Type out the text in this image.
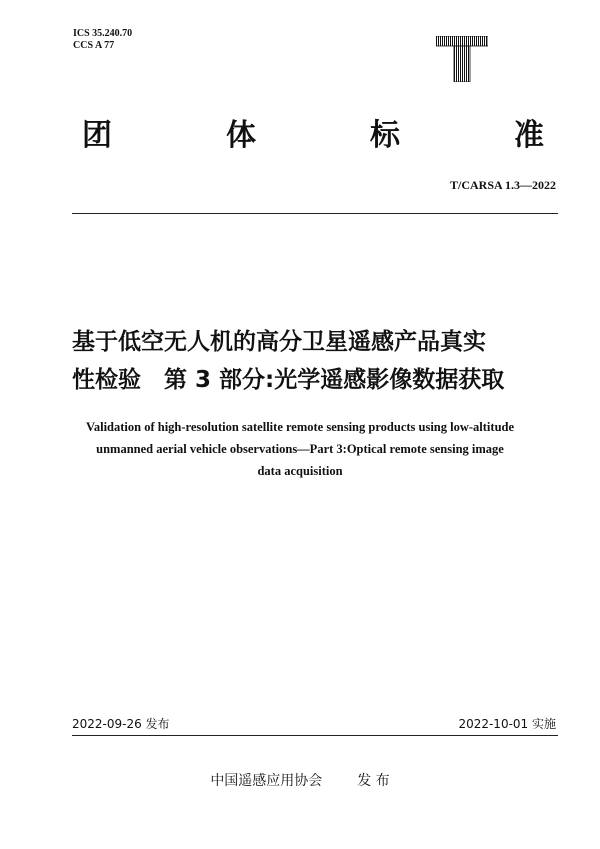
ICS 35.240.70
CCS A 77
团	体	标	准
T/CARSA 1.3—2022
基于低空无人机的高分卫星遥感产品真实
性检验　第 3 部分:光学遥感影像数据获取
Validation of high-resolution satellite remote sensing products using low-altitude
unmanned aerial vehicle observations—Part 3:Optical remote sensing image
data acquisition
2022-09-26 发布	2022-10-01 实施
中国遥感应用协会 发 布
